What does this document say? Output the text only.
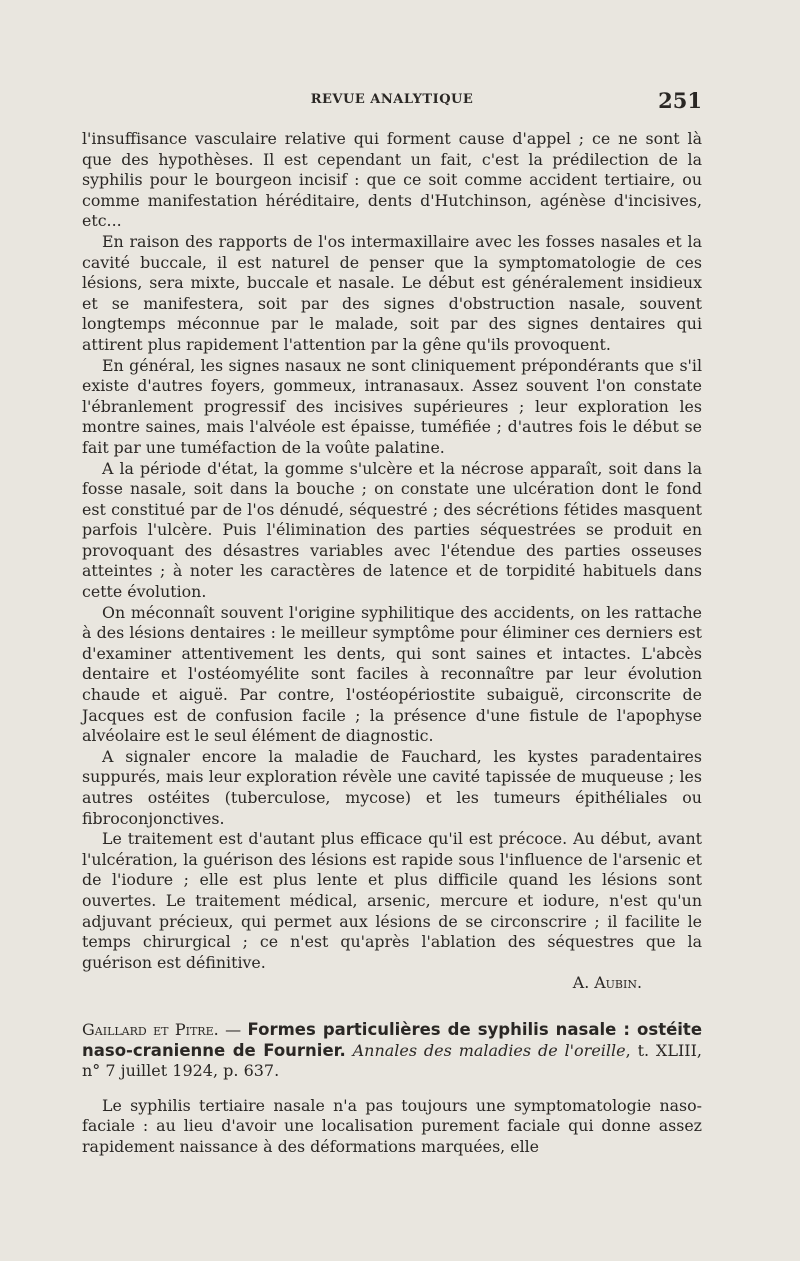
REVUE ANALYTIQUE	251

l'insuffisance vasculaire relative qui forment cause d'appel ; ce ne sont là que des hypothèses. Il est cependant un fait, c'est la prédilection de la syphilis pour le bourgeon incisif : que ce soit comme accident tertiaire, ou comme manifestation héréditaire, dents d'Hutchinson, agénèse d'incisives, etc...

En raison des rapports de l'os intermaxillaire avec les fosses nasales et la cavité buccale, il est naturel de penser que la symptomatologie de ces lésions, sera mixte, buccale et nasale. Le début est généralement insidieux et se manifestera, soit par des signes d'obstruction nasale, souvent longtemps méconnue par le malade, soit par des signes dentaires qui attirent plus rapidement l'attention par la gêne qu'ils provoquent.

En général, les signes nasaux ne sont cliniquement prépondérants que s'il existe d'autres foyers, gommeux, intranasaux. Assez souvent l'on constate l'ébranlement progressif des incisives supérieures ; leur exploration les montre saines, mais l'alvéole est épaisse, tuméfiée ; d'autres fois le début se fait par une tuméfaction de la voûte palatine.

A la période d'état, la gomme s'ulcère et la nécrose apparaît, soit dans la fosse nasale, soit dans la bouche ; on constate une ulcération dont le fond est constitué par de l'os dénudé, séquestré ; des sécrétions fétides masquent parfois l'ulcère. Puis l'élimination des parties séquestrées se produit en provoquant des désastres variables avec l'étendue des parties osseuses atteintes ; à noter les caractères de latence et de torpidité habituels dans cette évolution.

On méconnaît souvent l'origine syphilitique des accidents, on les rattache à des lésions dentaires : le meilleur symptôme pour éliminer ces derniers est d'examiner attentivement les dents, qui sont saines et intactes. L'abcès dentaire et l'ostéomyélite sont faciles à reconnaître par leur évolution chaude et aiguë. Par contre, l'ostéopériostite subaiguë, circonscrite de Jacques est de confusion facile ; la présence d'une fistule de l'apophyse alvéolaire est le seul élément de diagnostic.

A signaler encore la maladie de Fauchard, les kystes paradentaires suppurés, mais leur exploration révèle une cavité tapissée de muqueuse ; les autres ostéites (tuberculose, mycose) et les tumeurs épithéliales ou fibroconjonctives.

Le traitement est d'autant plus efficace qu'il est précoce. Au début, avant l'ulcération, la guérison des lésions est rapide sous l'influence de l'arsenic et de l'iodure ; elle est plus lente et plus difficile quand les lésions sont ouvertes. Le traitement médical, arsenic, mercure et iodure, n'est qu'un adjuvant précieux, qui permet aux lésions de se circonscrire ; il facilite le temps chirurgical ; ce n'est qu'après l'ablation des séquestres que la guérison est définitive.

A. Aubin.

Gaillard et Pitre. — Formes particulières de syphilis nasale : ostéite naso-cranienne de Fournier. Annales des maladies de l'oreille, t. XLIII, n° 7 juillet 1924, p. 637.

Le syphilis tertiaire nasale n'a pas toujours une symptomatologie naso-faciale : au lieu d'avoir une localisation purement faciale qui donne assez rapidement naissance à des déformations marquées, elle
